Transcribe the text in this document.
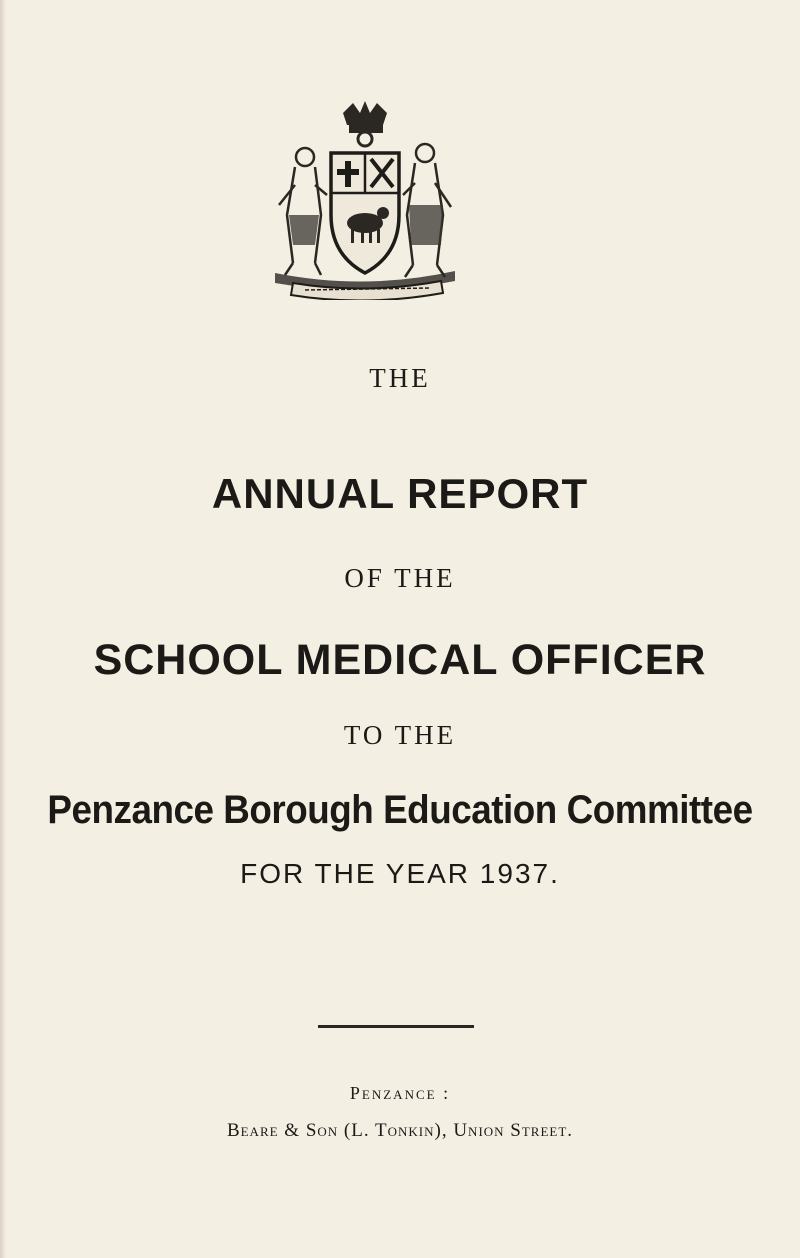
THE
ANNUAL REPORT
OF THE
SCHOOL MEDICAL OFFICER
TO THE
Penzance Borough Education Committee
FOR THE YEAR 1937.
Penzance :
Beare & Son (L. Tonkin), Union Street.
